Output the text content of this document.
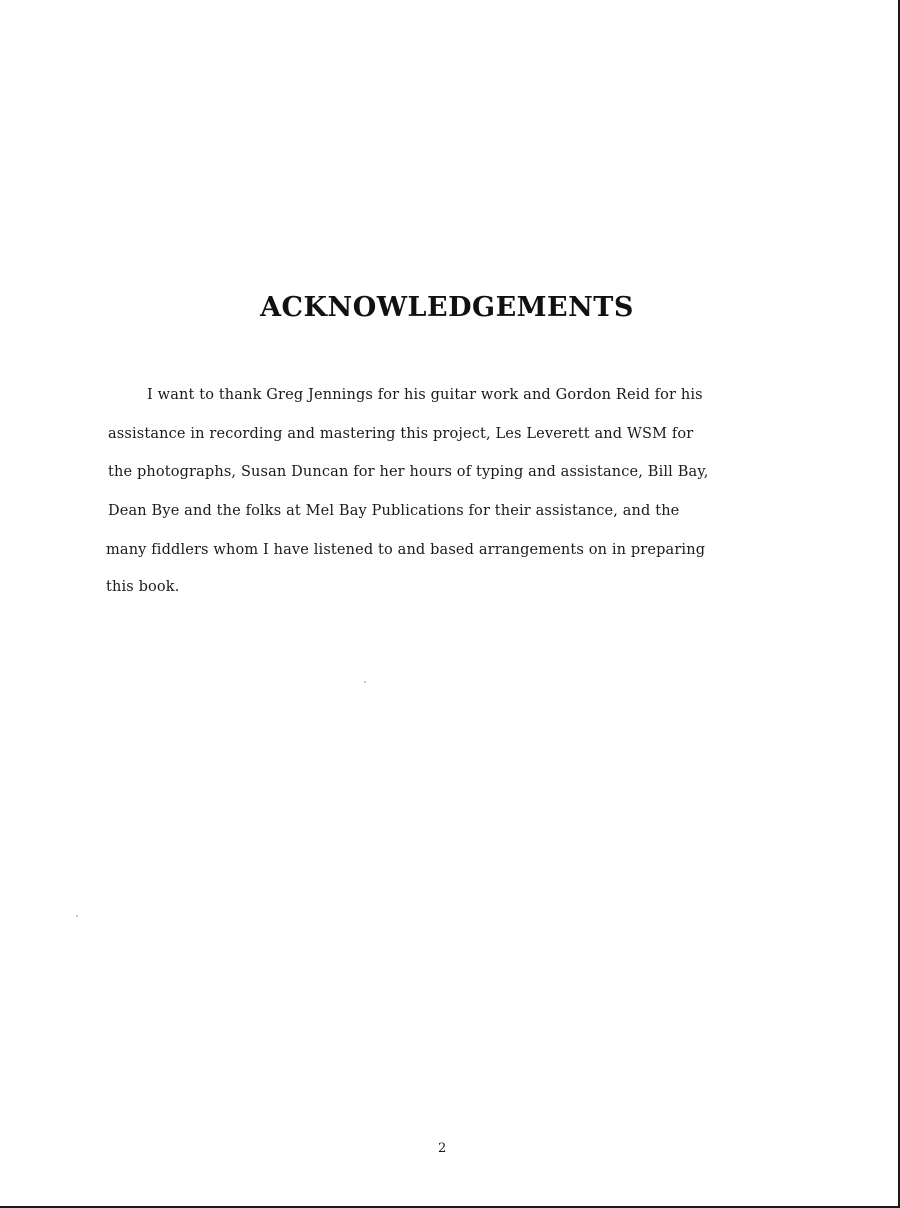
ACKNOWLEDGEMENTS

I want to thank Greg Jennings for his guitar work and Gordon Reid for his

assistance in recording and mastering this project, Les Leverett and WSM for

the photographs, Susan Duncan for her hours of typing and assistance, Bill Bay,

Dean Bye and the folks at Mel Bay Publications for their assistance, and the

many fiddlers whom I have listened to and based arrangements on in preparing

this book.

2
